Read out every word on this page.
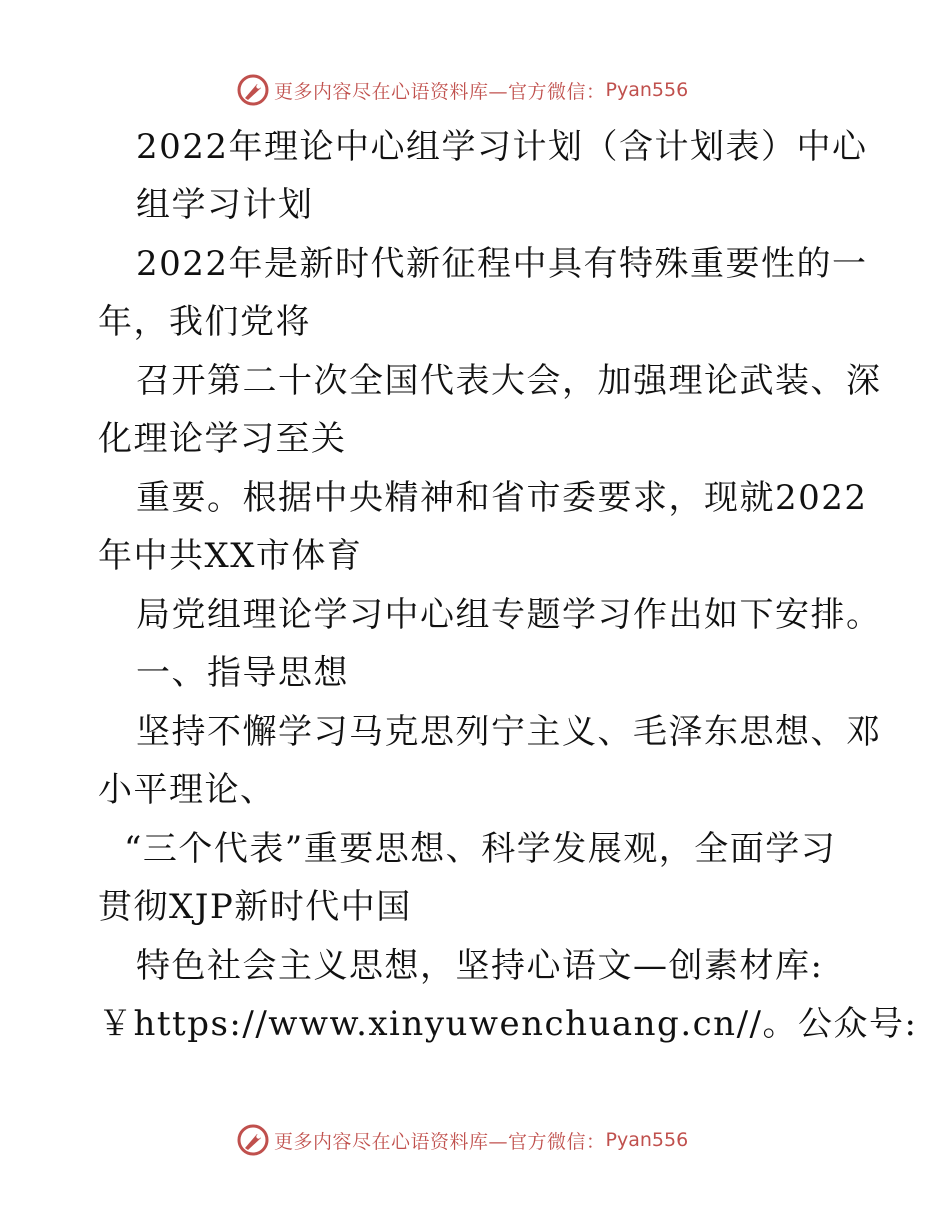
更多内容尽在心语资料库—官方微信： Pyan556
2022年理论中心组学习计划（含计划表）中心
组学习计划
2022年是新时代新征程中具有特殊重要性的一
年，我们党将
召开第二十次全国代表大会，加强理论武装、深
化理论学习至关
重要。根据中央精神和省市委要求，现就2022
年中共XX市体育
局党组理论学习中心组专题学习作出如下安排。
一、指导思想
坚持不懈学习马克思列宁主义、毛泽东思想、邓
小平理论、
“三个代表”重要思想、科学发展观，全面学习
贯彻XJP新时代中国
特色社会主义思想，坚持心语文—创素材库:
￥https://www.xinyuwenchuang.cn//。公众号:
更多内容尽在心语资料库—官方微信： Pyan556
